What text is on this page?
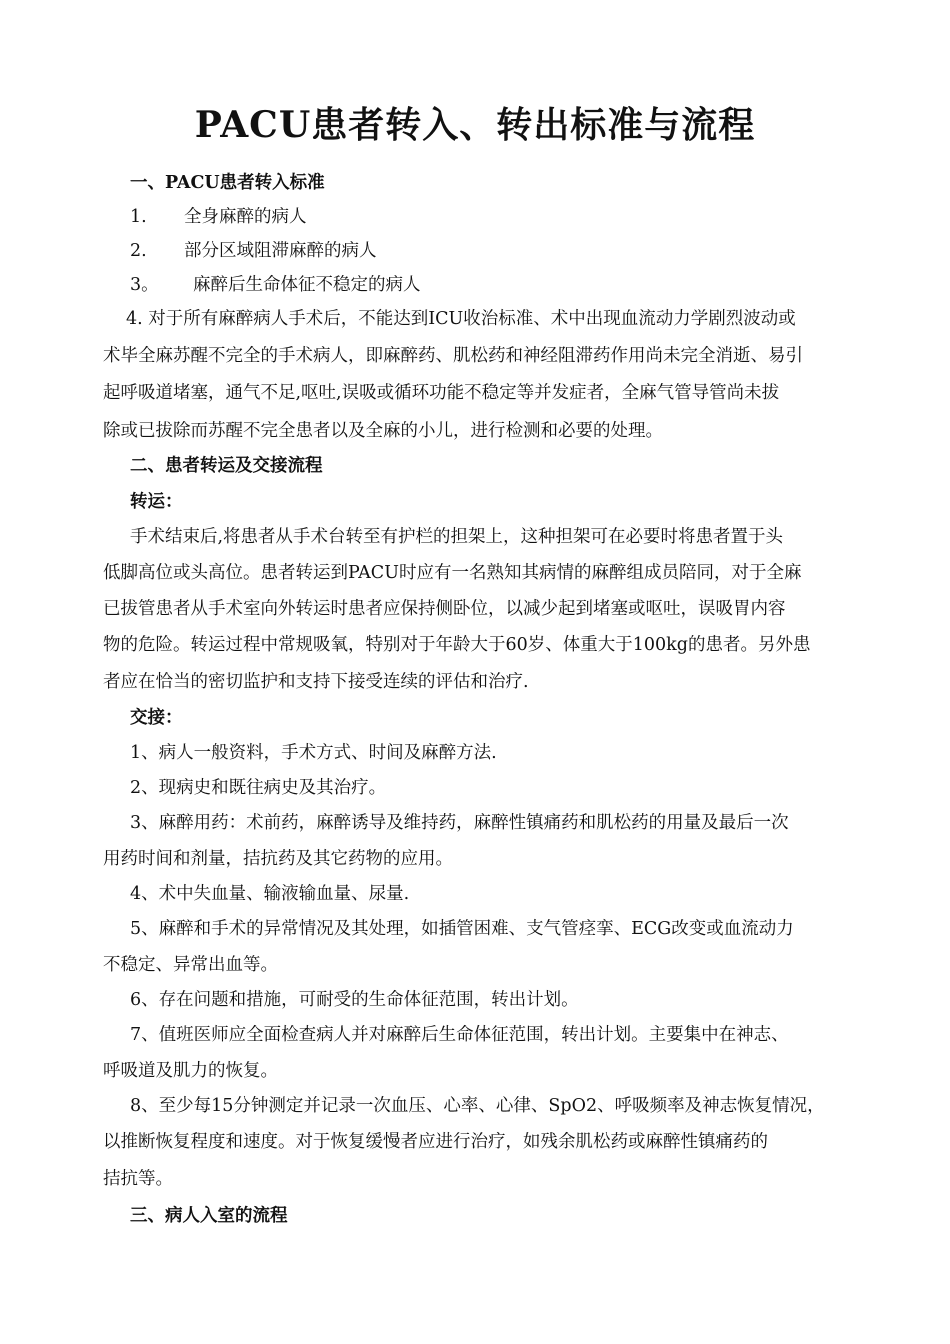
PACU患者转入、转出标准与流程
一、PACU患者转入标准
1. 全身麻醉的病人
2. 部分区域阻滞麻醉的病人
3。 麻醉后生命体征不稳定的病人
4. 对于所有麻醉病人手术后，不能达到ICU收治标准、术中出现血流动力学剧烈波动或
术毕全麻苏醒不完全的手术病人，即麻醉药、肌松药和神经阻滞药作用尚未完全消逝、易引
起呼吸道堵塞，通气不足,呕吐,误吸或循环功能不稳定等并发症者，全麻气管导管尚未拔
除或已拔除而苏醒不完全患者以及全麻的小儿，进行检测和必要的处理。
二、患者转运及交接流程
转运：
手术结束后,将患者从手术台转至有护栏的担架上，这种担架可在必要时将患者置于头
低脚高位或头高位。患者转运到PACU时应有一名熟知其病情的麻醉组成员陪同，对于全麻
已拔管患者从手术室向外转运时患者应保持侧卧位，以减少起到堵塞或呕吐，误吸胃内容
物的危险。转运过程中常规吸氧，特别对于年龄大于60岁、体重大于100kg的患者。另外患
者应在恰当的密切监护和支持下接受连续的评估和治疗.
交接：
1、病人一般资料，手术方式、时间及麻醉方法.
2、现病史和既往病史及其治疗。
3、麻醉用药：术前药，麻醉诱导及维持药，麻醉性镇痛药和肌松药的用量及最后一次
用药时间和剂量，拮抗药及其它药物的应用。
4、术中失血量、输液输血量、尿量.
5、麻醉和手术的异常情况及其处理，如插管困难、支气管痉挛、ECG改变或血流动力
不稳定、异常出血等。
6、存在问题和措施，可耐受的生命体征范围，转出计划。
7、值班医师应全面检查病人并对麻醉后生命体征范围，转出计划。主要集中在神志、
呼吸道及肌力的恢复。
8、至少每15分钟测定并记录一次血压、心率、心律、SpO2、呼吸频率及神志恢复情况，
以推断恢复程度和速度。对于恢复缓慢者应进行治疗，如残余肌松药或麻醉性镇痛药的
拮抗等。
三、病人入室的流程
